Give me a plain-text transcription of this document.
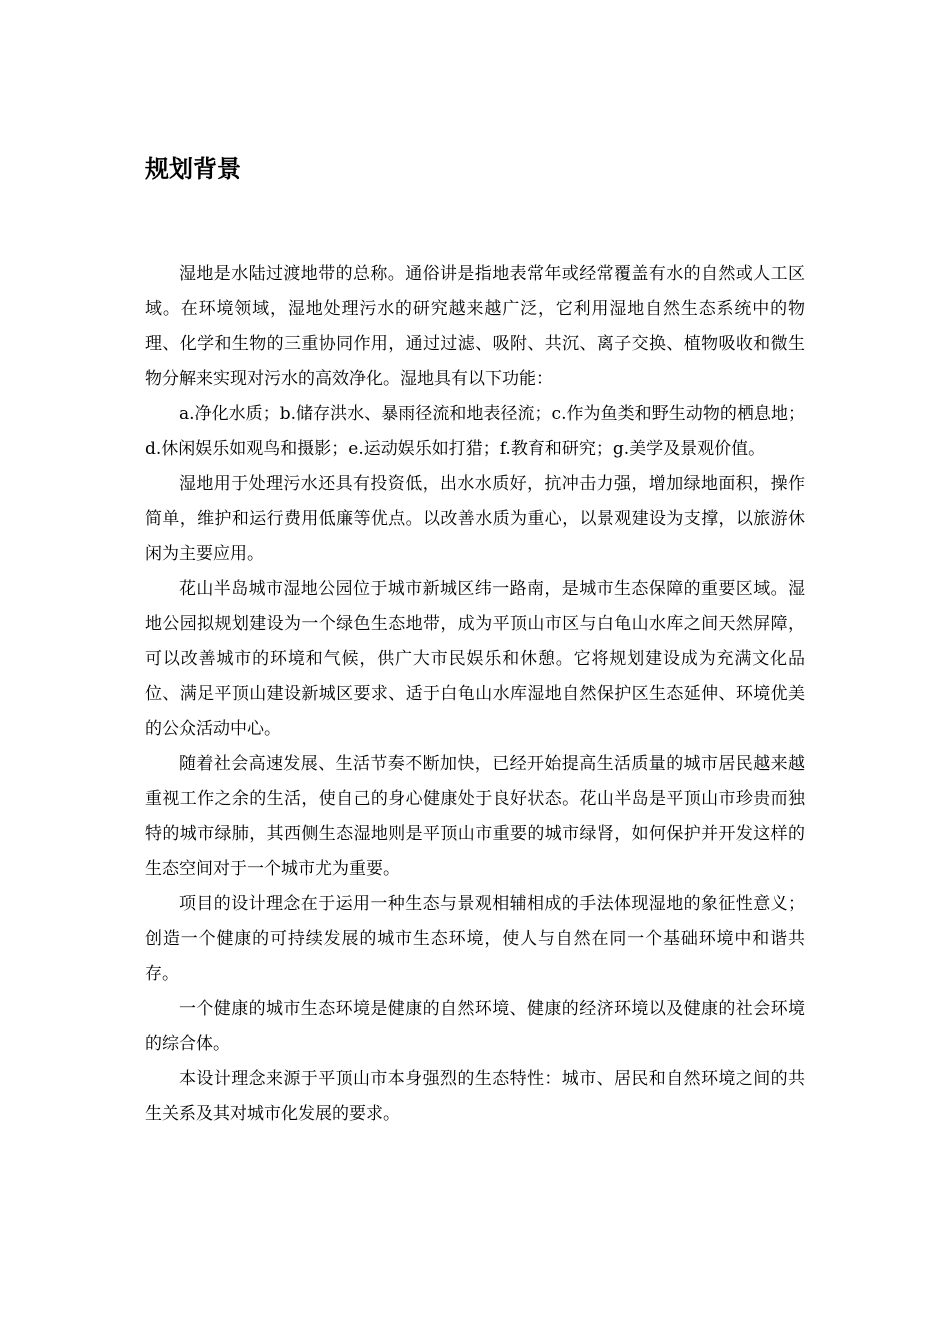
规划背景

湿地是水陆过渡地带的总称。通俗讲是指地表常年或经常覆盖有水的自然或人工区域。在环境领域，湿地处理污水的研究越来越广泛，它利用湿地自然生态系统中的物理、化学和生物的三重协同作用，通过过滤、吸附、共沉、离子交换、植物吸收和微生物分解来实现对污水的高效净化。湿地具有以下功能：

a.净化水质；b.储存洪水、暴雨径流和地表径流；c.作为鱼类和野生动物的栖息地；d.休闲娱乐如观鸟和摄影；e.运动娱乐如打猎；f.教育和研究；g.美学及景观价值。

湿地用于处理污水还具有投资低，出水水质好，抗冲击力强，增加绿地面积，操作简单，维护和运行费用低廉等优点。以改善水质为重心，以景观建设为支撑，以旅游休闲为主要应用。

花山半岛城市湿地公园位于城市新城区纬一路南，是城市生态保障的重要区域。湿地公园拟规划建设为一个绿色生态地带，成为平顶山市区与白龟山水库之间天然屏障，可以改善城市的环境和气候，供广大市民娱乐和休憩。它将规划建设成为充满文化品位、满足平顶山建设新城区要求、适于白龟山水库湿地自然保护区生态延伸、环境优美的公众活动中心。

随着社会高速发展、生活节奏不断加快，已经开始提高生活质量的城市居民越来越重视工作之余的生活，使自己的身心健康处于良好状态。花山半岛是平顶山市珍贵而独特的城市绿肺，其西侧生态湿地则是平顶山市重要的城市绿肾，如何保护并开发这样的生态空间对于一个城市尤为重要。

项目的设计理念在于运用一种生态与景观相辅相成的手法体现湿地的象征性意义；创造一个健康的可持续发展的城市生态环境，使人与自然在同一个基础环境中和谐共存。

一个健康的城市生态环境是健康的自然环境、健康的经济环境以及健康的社会环境的综合体。

本设计理念来源于平顶山市本身强烈的生态特性：城市、居民和自然环境之间的共生关系及其对城市化发展的要求。
